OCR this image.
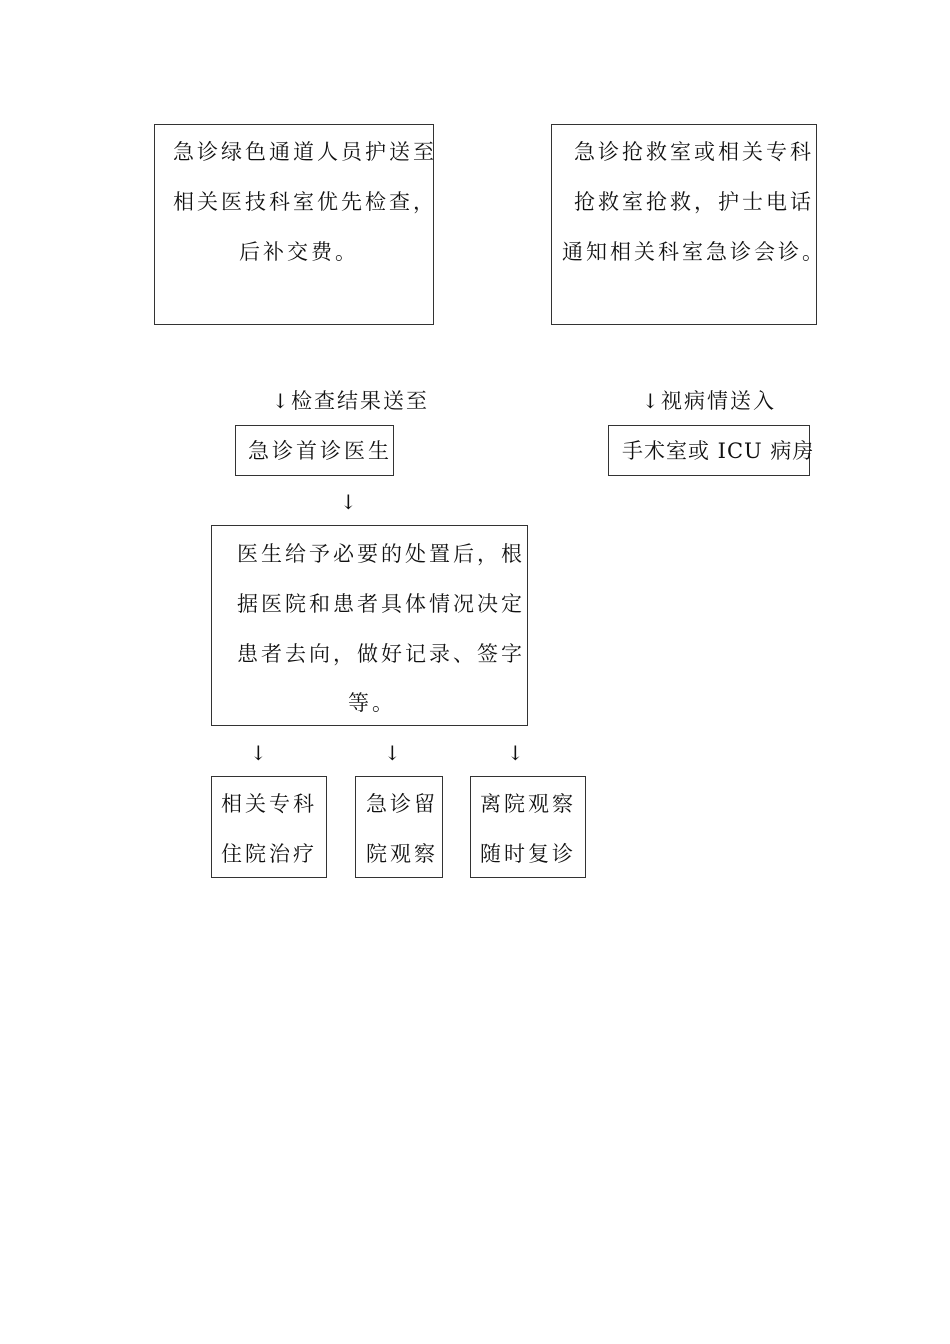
急诊绿色通道人员护送至
相关医技科室优先检查，
后补交费。
急诊抢救室或相关专科
抢救室抢救，护士电话
通知相关科室急诊会诊。
↓ 检查结果送至	↓ 视病情送入
急诊首诊医生	手术室或 ICU 病房
↓
医生给予必要的处置后，根
据医院和患者具体情况决定
患者去向，做好记录、签字
等。
↓	↓	↓
相关专科
住院治疗
急诊留
院观察
离院观察
随时复诊
